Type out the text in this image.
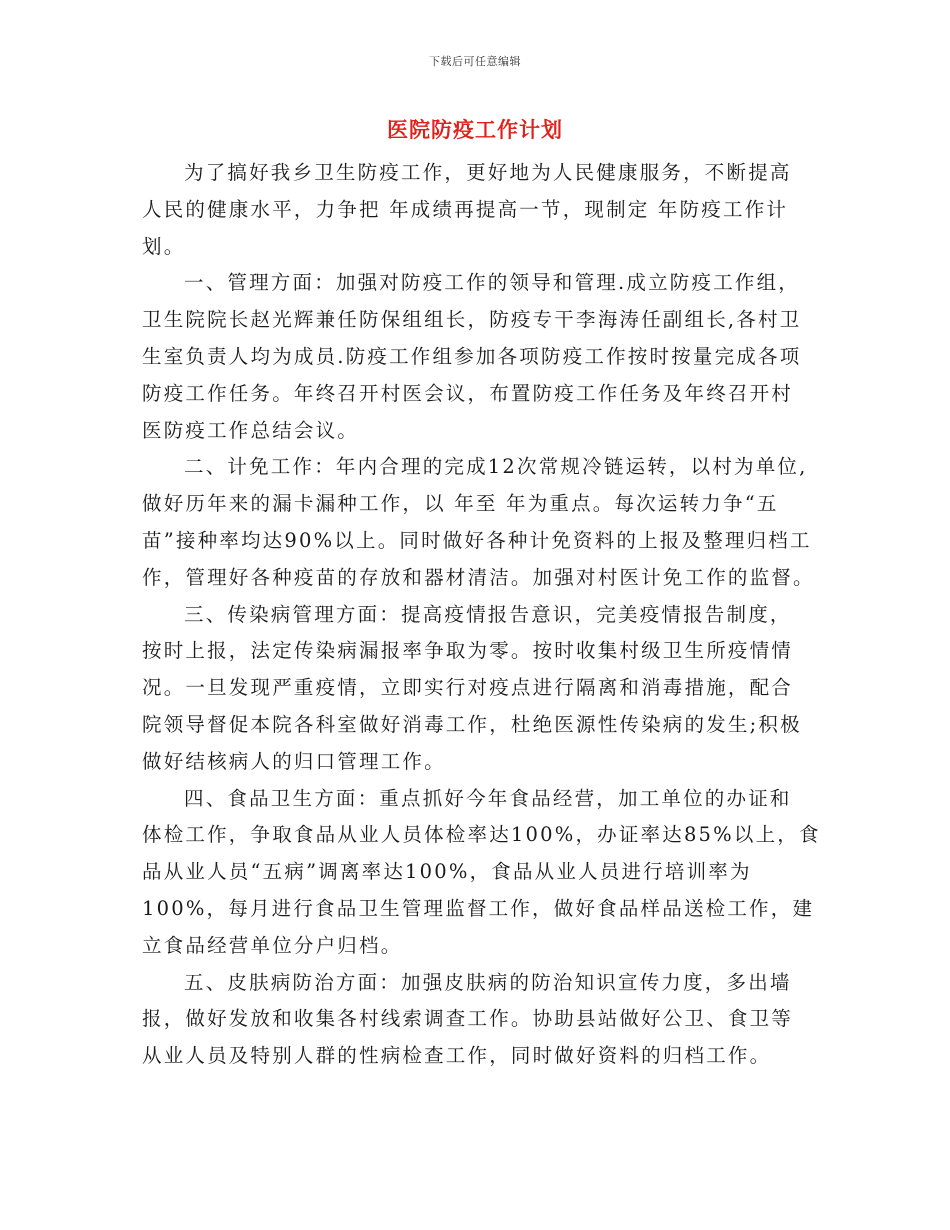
下载后可任意编辑
医院防疫工作计划

为了搞好我乡卫生防疫工作，更好地为人民健康服务，不断提高
人民的健康水平，力争把 年成绩再提高一节，现制定 年防疫工作计
划。

一、管理方面：加强对防疫工作的领导和管理.成立防疫工作组，
卫生院院长赵光辉兼任防保组组长，防疫专干李海涛任副组长,各村卫
生室负责人均为成员.防疫工作组参加各项防疫工作按时按量完成各项
防疫工作任务。年终召开村医会议，布置防疫工作任务及年终召开村
医防疫工作总结会议。

二、计免工作：年内合理的完成12次常规冷链运转，以村为单位,
做好历年来的漏卡漏种工作，以 年至 年为重点。每次运转力争“五
苗”接种率均达90%以上。同时做好各种计免资料的上报及整理归档工
作，管理好各种疫苗的存放和器材清洁。加强对村医计免工作的监督。

三、传染病管理方面：提高疫情报告意识，完美疫情报告制度，
按时上报，法定传染病漏报率争取为零。按时收集村级卫生所疫情情
况。一旦发现严重疫情，立即实行对疫点进行隔离和消毒措施，配合
院领导督促本院各科室做好消毒工作，杜绝医源性传染病的发生;积极
做好结核病人的归口管理工作。

四、食品卫生方面：重点抓好今年食品经营，加工单位的办证和
体检工作，争取食品从业人员体检率达100%，办证率达85%以上，食
品从业人员“五病”调离率达100%，食品从业人员进行培训率为
100%，每月进行食品卫生管理监督工作，做好食品样品送检工作，建
立食品经营单位分户归档。

五、皮肤病防治方面：加强皮肤病的防治知识宣传力度，多出墙
报，做好发放和收集各村线索调查工作。协助县站做好公卫、食卫等
从业人员及特别人群的性病检查工作，同时做好资料的归档工作。
